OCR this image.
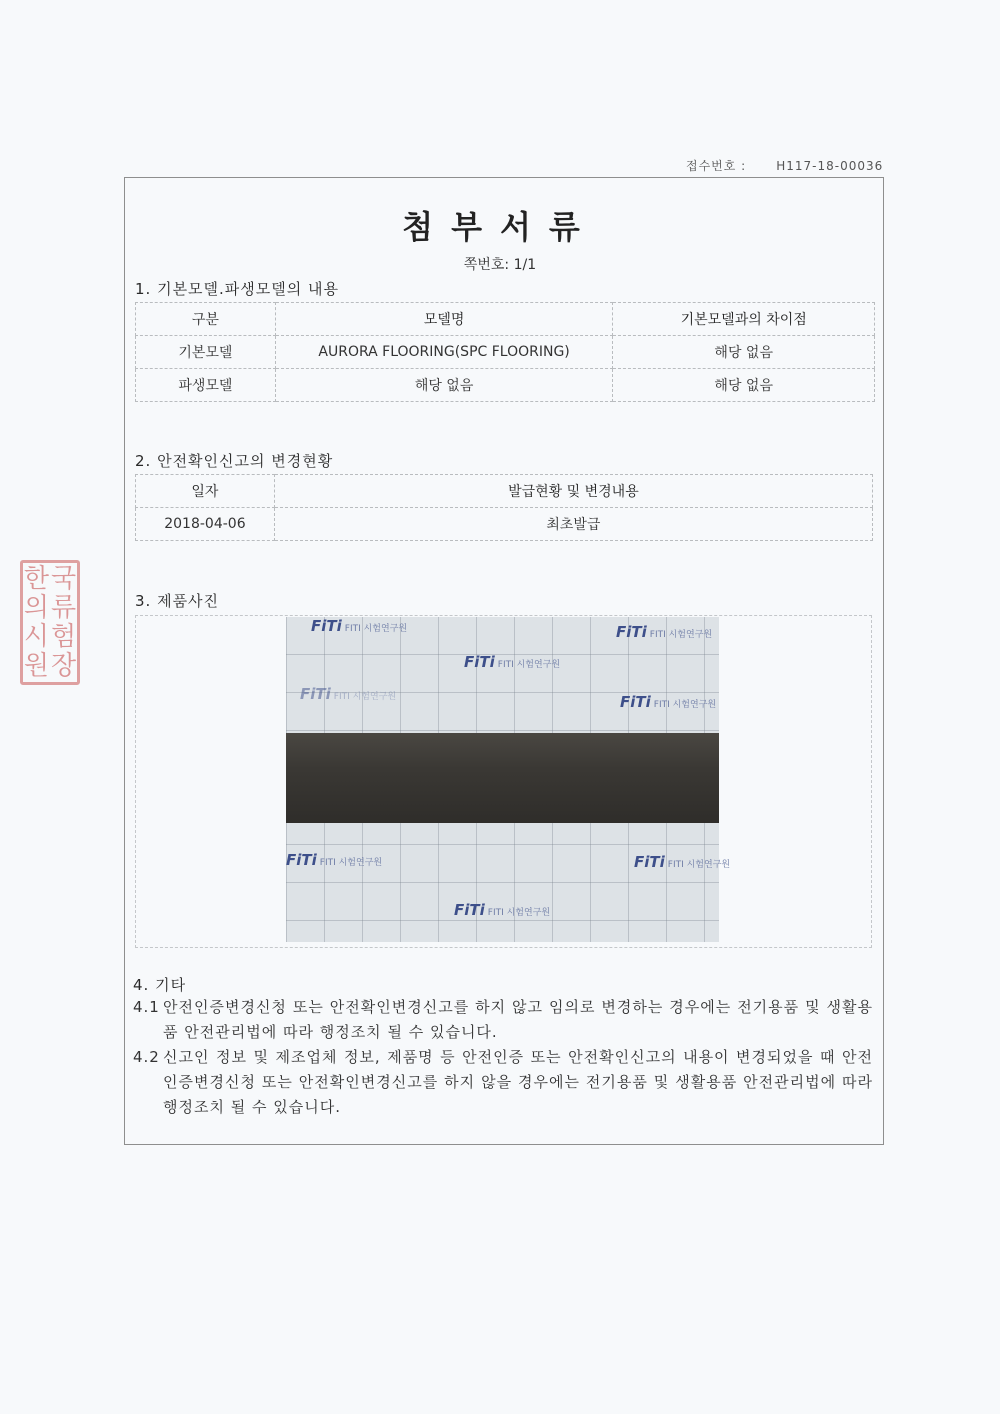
접수번호 :	H117-18-00036
첨부서류
쪽번호: 1/1
1. 기본모델.파생모델의 내용
구분	모델명	기본모델과의 차이점
기본모델	AURORA FLOORING(SPC FLOORING)	해당 없음
파생모델	해당 없음	해당 없음
2. 안전확인신고의 변경현황
일자	발급현황 및 변경내용
2018-04-06	최초발급
3. 제품사진
FiTi FITI 시험연구원	FiTi FITI 시험연구원
FiTi FITI 시험연구원
FiTi FITI 시험연구원	FiTi FITI 시험연구원
FiTi FITI 시험연구원	FiTi FITI 시험연구원
FiTi FITI 시험연구원
4. 기타
4.1 안전인증변경신청 또는 안전확인변경신고를 하지 않고 임의로 변경하는 경우에는 전기용품 및 생활용품 안전관리법에 따라 행정조치 될 수 있습니다.
4.2 신고인 정보 및 제조업체 정보, 제품명 등 안전인증 또는 안전확인신고의 내용이 변경되었을 때 안전인증변경신청 또는 안전확인변경신고를 하지 않을 경우에는 전기용품 및 생활용품 안전관리법에 따라 행정조치 될 수 있습니다.
한 국
의 류
시 험
원 장
